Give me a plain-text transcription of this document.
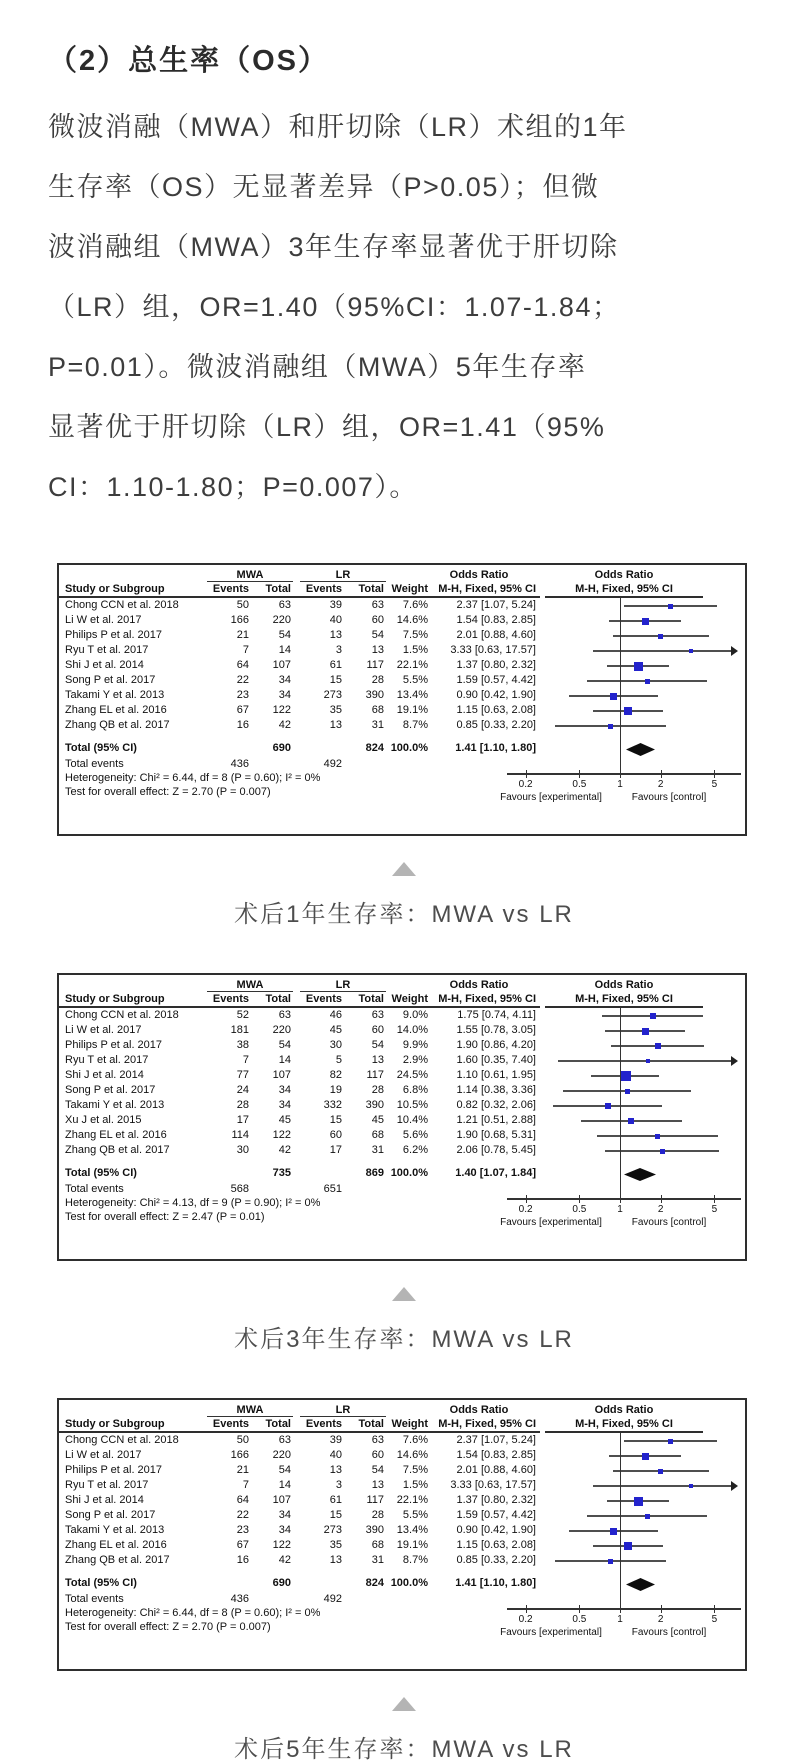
（2）总生率（OS）
微波消融（MWA）和肝切除（LR）术组的1年
生存率（OS）无显著差异（P>0.05）；但微
波消融组（MWA）3年生存率显著优于肝切除
（LR）组，OR=1.40（95%CI：1.07-1.84；
P=0.01）。微波消融组（MWA）5年生存率
显著优于肝切除（LR）组，OR=1.41（95%
CI：1.10-1.80；P=0.007）。
MWA	LR	Odds Ratio	Odds Ratio
Study or Subgroup	Events Total Events Total Weight M-H, Fixed, 95% CI	M-H, Fixed, 95% CI
Chong CCN et al. 2018	50	63	39	63 7.6%	2.37 [1.07, 5.24]
Li W et al. 2017	166 220	40	60 14.6%	1.54 [0.83, 2.85]
Philips P et al. 2017	21	54	13	54 7.5%	2.01 [0.88, 4.60]
Ryu T et al. 2017	7	14	3	13 1.5% 3.33 [0.63, 17.57]
Shi J et al. 2014	64 107	61 117 22.1%	1.37 [0.80, 2.32]
Song P et al. 2017	22	34	15	28 5.5%	1.59 [0.57, 4.42]
Takami Y et al. 2013	23	34	273 390 13.4%	0.90 [0.42, 1.90]
Zhang EL et al. 2016	67 122	35	68 19.1%	1.15 [0.63, 2.08]
Zhang QB et al. 2017	16	42	13	31 8.7%	0.85 [0.33, 2.20]
Total (95% CI)	690	824 100.0% 1.41 [1.10, 1.80]
Total events	436	492
Heterogeneity: Chi² = 6.44, df = 8 (P = 0.60); I² = 0%
Test for overall effect: Z = 2.70 (P = 0.007)
0.2	0.5	1	2	5
Favours [experimental]	Favours [control]
术后1年生存率：MWA vs LR
MWA	LR	Odds Ratio	Odds Ratio
Study or Subgroup	Events Total Events Total Weight M-H, Fixed, 95% CI	M-H, Fixed, 95% CI
Chong CCN et al. 2018	52	63	46	63 9.0%	1.75 [0.74, 4.11]
Li W et al. 2017	181 220	45	60 14.0%	1.55 [0.78, 3.05]
Philips P et al. 2017	38	54	30	54 9.9%	1.90 [0.86, 4.20]
Ryu T et al. 2017	7	14	5	13 2.9%	1.60 [0.35, 7.40]
Shi J et al. 2014	77 107	82 117 24.5%	1.10 [0.61, 1.95]
Song P et al. 2017	24	34	19	28 6.8%	1.14 [0.38, 3.36]
Takami Y et al. 2013	28	34	332 390 10.5%	0.82 [0.32, 2.06]
Xu J et al. 2015	17	45	15	45 10.4%	1.21 [0.51, 2.88]
Zhang EL et al. 2016	114 122	60	68 5.6%	1.90 [0.68, 5.31]
Zhang QB et al. 2017	30	42	17	31 6.2%	2.06 [0.78, 5.45]
Total (95% CI)	735	869 100.0% 1.40 [1.07, 1.84]
Total events	568	651
Heterogeneity: Chi² = 4.13, df = 9 (P = 0.90); I² = 0%
Test for overall effect: Z = 2.47 (P = 0.01)
0.2	0.5	1	2	5
Favours [experimental]	Favours [control]
术后3年生存率：MWA vs LR
MWA	LR	Odds Ratio	Odds Ratio
Study or Subgroup	Events Total Events Total Weight M-H, Fixed, 95% CI	M-H, Fixed, 95% CI
Chong CCN et al. 2018	50	63	39	63 7.6%	2.37 [1.07, 5.24]
Li W et al. 2017	166 220	40	60 14.6%	1.54 [0.83, 2.85]
Philips P et al. 2017	21	54	13	54 7.5%	2.01 [0.88, 4.60]
Ryu T et al. 2017	7	14	3	13 1.5% 3.33 [0.63, 17.57]
Shi J et al. 2014	64 107	61 117 22.1%	1.37 [0.80, 2.32]
Song P et al. 2017	22	34	15	28 5.5%	1.59 [0.57, 4.42]
Takami Y et al. 2013	23	34	273 390 13.4%	0.90 [0.42, 1.90]
Zhang EL et al. 2016	67 122	35	68 19.1%	1.15 [0.63, 2.08]
Zhang QB et al. 2017	16	42	13	31 8.7%	0.85 [0.33, 2.20]
Total (95% CI)	690	824 100.0% 1.41 [1.10, 1.80]
Total events	436	492
Heterogeneity: Chi² = 6.44, df = 8 (P = 0.60); I² = 0%
Test for overall effect: Z = 2.70 (P = 0.007)
0.2	0.5	1	2	5
Favours [experimental]	Favours [control]
术后5年生存率：MWA vs LR
